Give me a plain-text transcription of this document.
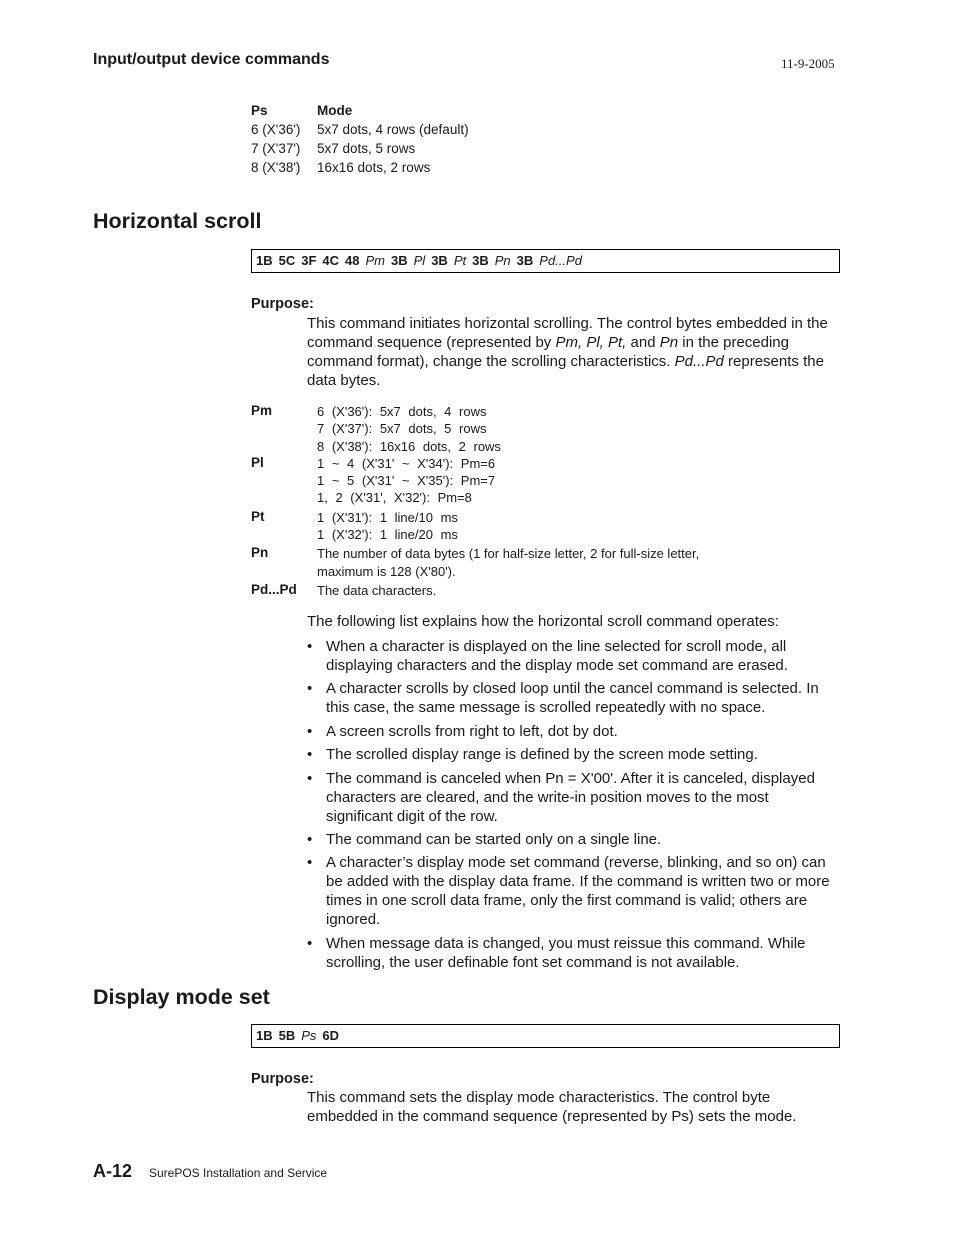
Input/output device commands	11-9-2005
Ps	Mode
6 (X'36')	5x7 dots, 4 rows (default)
7 (X'37')	5x7 dots, 5 rows
8 (X'38')	16x16 dots, 2 rows
Horizontal scroll
1B 5C 3F 4C 48 Pm 3B Pl 3B Pt 3B Pn 3B Pd...Pd
Purpose:
This command initiates horizontal scrolling. The control bytes embedded in the command sequence (represented by Pm, Pl, Pt, and Pn in the preceding command format), change the scrolling characteristics. Pd...Pd represents the data bytes.
Pm	6 (X'36'): 5x7 dots, 4 rows
7 (X'37'): 5x7 dots, 5 rows
8 (X'38'): 16x16 dots, 2 rows
Pl	1 ~ 4 (X'31' ~ X'34'): Pm=6
1 ~ 5 (X'31' ~ X'35'): Pm=7
1, 2 (X'31', X'32'): Pm=8
Pt	1 (X'31'): 1 line/10 ms
1 (X'32'): 1 line/20 ms
Pn	The number of data bytes (1 for half-size letter, 2 for full-size letter,
maximum is 128 (X'80').
Pd...Pd	The data characters.
The following list explains how the horizontal scroll command operates:
• When a character is displayed on the line selected for scroll mode, all displaying characters and the display mode set command are erased.
• A character scrolls by closed loop until the cancel command is selected. In this case, the same message is scrolled repeatedly with no space.
• A screen scrolls from right to left, dot by dot.
• The scrolled display range is defined by the screen mode setting.
• The command is canceled when Pn = X'00'. After it is canceled, displayed characters are cleared, and the write-in position moves to the most significant digit of the row.
• The command can be started only on a single line.
• A character’s display mode set command (reverse, blinking, and so on) can be added with the display data frame. If the command is written two or more times in one scroll data frame, only the first command is valid; others are ignored.
• When message data is changed, you must reissue this command. While scrolling, the user definable font set command is not available.
Display mode set
1B 5B Ps 6D
Purpose:
This command sets the display mode characteristics. The control byte embedded in the command sequence (represented by Ps) sets the mode.
A-12 SurePOS Installation and Service
